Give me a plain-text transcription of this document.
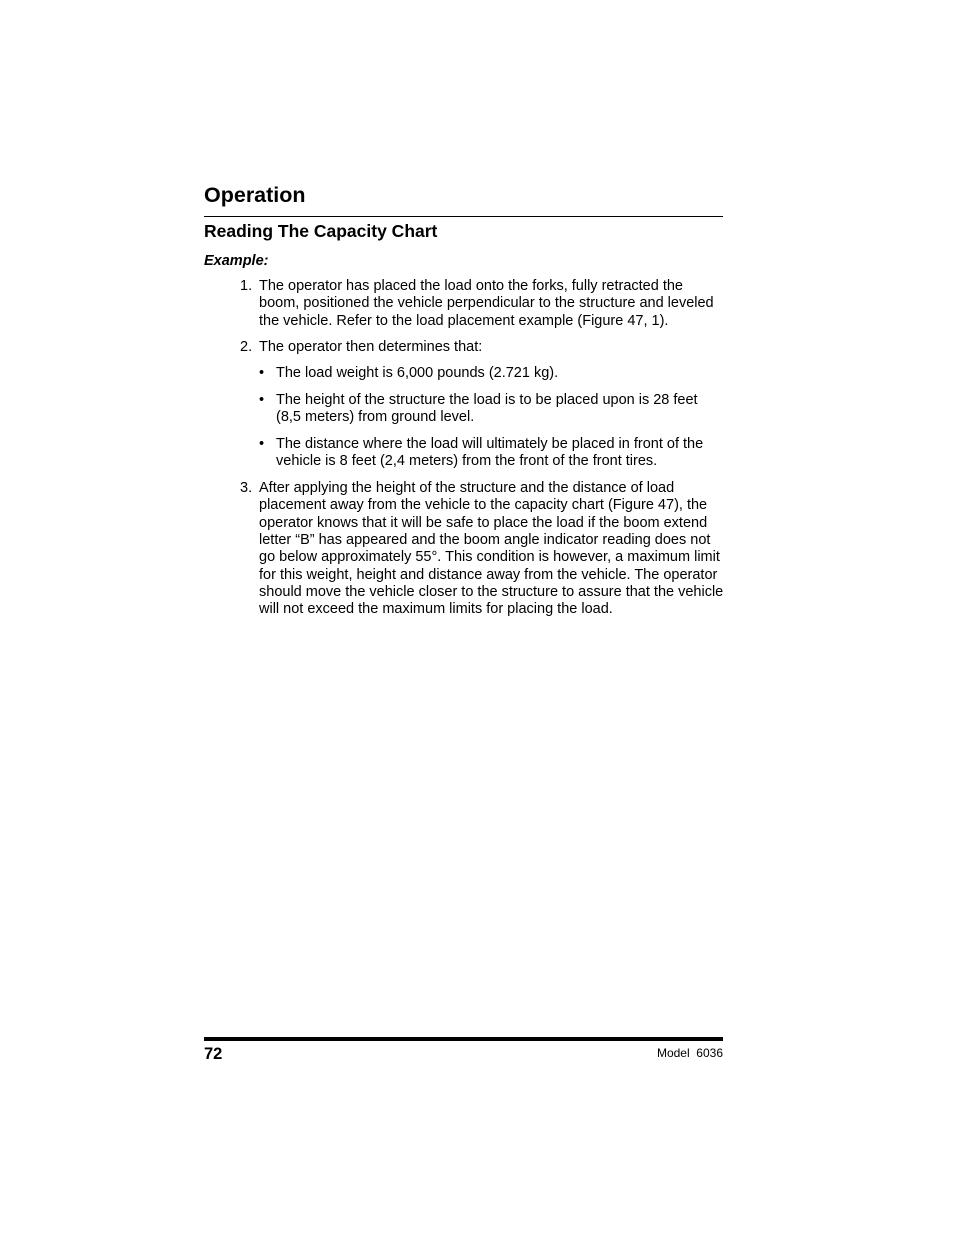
Operation
Reading The Capacity Chart
Example:
1. The operator has placed the load onto the forks, fully retracted the boom, positioned the vehicle perpendicular to the structure and leveled the vehicle. Refer to the load placement example (Figure 47, 1).
2. The operator then determines that:
• The load weight is 6,000 pounds (2.721 kg).
• The height of the structure the load is to be placed upon is 28 feet (8,5 meters) from ground level.
• The distance where the load will ultimately be placed in front of the vehicle is 8 feet (2,4 meters) from the front of the front tires.
3. After applying the height of the structure and the distance of load placement away from the vehicle to the capacity chart (Figure 47), the operator knows that it will be safe to place the load if the boom extend letter “B” has appeared and the boom angle indicator reading does not go below approximately 55°. This condition is however, a maximum limit for this weight, height and distance away from the vehicle. The operator should move the vehicle closer to the structure to assure that the vehicle will not exceed the maximum limits for placing the load.
72	Model  6036
